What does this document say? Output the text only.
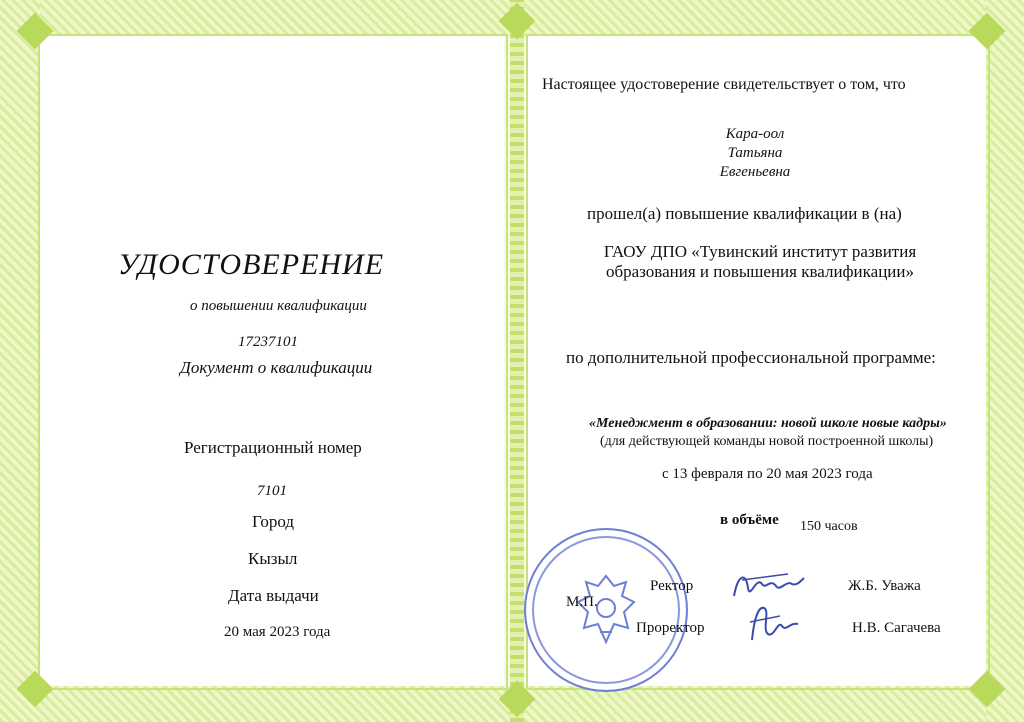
УДОСТОВЕРЕНИЕ
о повышении квалификации
17237101
Документ о квалификации
Регистрационный номер
7101
Город
Кызыл
Дата выдачи
20 мая 2023 года
Настоящее удостоверение свидетельствует о том, что
Кара-оол
Татьяна
Евгеньевна
прошел(а) повышение квалификации в (на)
ГАОУ ДПО «Тувинский институт развития
образования и повышения квалификации»
по дополнительной профессиональной программе:
«Менеджмент в образовании: новой школе новые кадры»
(для действующей команды новой построенной школы)
с 13 февраля по 20 мая 2023 года
в объёме 150 часов
М.П.
Ректор	Ж.Б. Уважа
Проректор	Н.В. Сагачева
